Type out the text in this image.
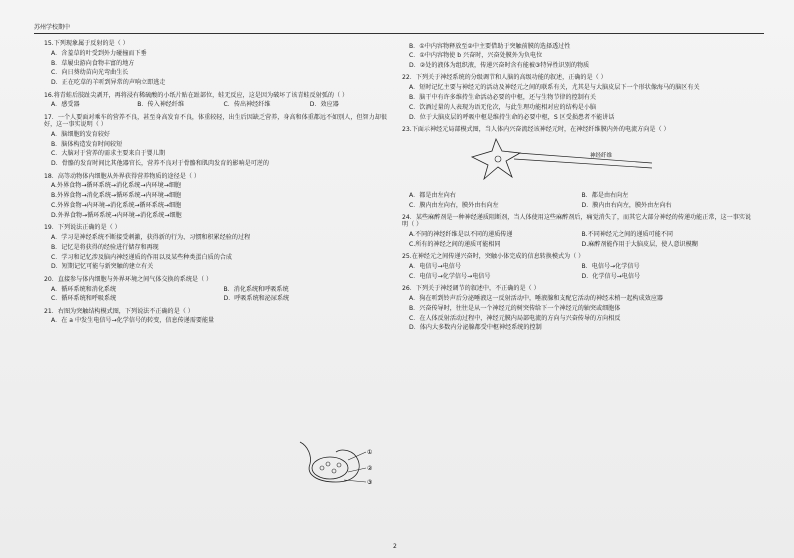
苏州学校期中
15.下列现象属于反射的是（ ）
A．含羞草的叶受到外力碰撞而下垂
B．草履虫游向食物丰富的地方
C．向日葵幼苗向光弯曲生长
D．正在吃草的羊听到异常的声响立即逃走
16.将青蛙后肢趾尖剥开，再将浸有稀硫酸的小纸片贴在趾部位，蛙无反应，这是因为破坏了该青蛙反射弧的（ ）
A．感受器	B．传入神经纤维	C．传出神经纤维	D．效应器
17．一个人要面对乘车的营养不良，甚至身高发育不良，体重较轻，出生后因缺乏营养，身高和体重都远不如别人，但智力却很好，这一事实说明（ ）
A．脑细胞的发育较好
B．脑体构造发育时间较短
C．大脑对于营养的需求主要来自于婴儿期
D．骨骼的发育时间比其他器官长，营养不良对于骨骼和肌肉发育的影响是可逆的
18．高等动物体内细胞从外界获得营养物质的途径是（ ）
A.外界食物→循环系统→消化系统→内环境→细胞
B.外界食物→消化系统→循环系统→内环境→细胞
C.外界食物→内环境→消化系统→循环系统→细胞
D.外界食物→循环系统→内环境→消化系统→细胞
19．下列说法正确的是（ ）
A．学习是神经系统不断接受刺激，获得新的行为、习惯和积累经验的过程
B．记忆是将获得的经验进行储存和再现
C．学习和记忆涉及脑内神经递质的作用以及某些种类蛋白质的合成
D．短期记忆可能与新突触的建立有关
20．直接参与体内细胞与外界环境之间气体交换的系统是（ ）
A．循环系统和消化系统	B．消化系统和呼吸系统
C．循环系统和呼吸系统	D．呼吸系统和泌尿系统
21．右图为突触结构模式图，下列说法不正确的是（ ）
A．在 a 中发生电信号→化学信号的转变，信息传递需要能量
B．①中内容物释放至②中主要借助于突触前膜的选择透过性
C．①中内容物使 b 兴奋时，兴奋处膜外为负电位
D．②处的液体为组织液，传递兴奋时含有能被③特异性识别的物质
22．下列关于神经系统的分级调节和人脑的高级功能的叙述，正确的是（ ）
A．短时记忆主要与神经元的活动及神经元之间的联系有关，尤其是与大脑皮层下一个形状像海马的脑区有关
B．脑干中有许多维持生命活动必要的中枢，还与生物节律的控制有关
C．饮酒过量的人表现为语无伦次，与此生理功能相对应的结构是小脑
D．位于大脑皮层的呼吸中枢是维持生命的必要中枢，S 区受损患者不能讲话
23.下面示神经元局部模式图，当人体内兴奋流经该神经元时，在神经纤维膜内外的电流方向是（ ）
神经纤维
A．都是由左向右	B．都是由右向左
C．膜内由左向右，膜外由右向左	D．膜内由右向左，膜外由左向右
24．某些麻醉剂是一种神经递质阻断剂，当人体使用这些麻醉剂后，痛觉消失了，而其它大部分神经的传递功能正常，这一事实说明（ ）
A.不同的神经纤维是以不同的递质传递	B.不同神经元之间的递质可能不同
C.所有的神经之间的递质可能相同	D.麻醉剂能作用于大脑皮层，使人意识模糊
25.在神经元之间传递兴奋时，突触小体完成的信息转换模式为（ ）
A．电信号→电信号	B．电信号→化学信号
C．电信号→化学信号→电信号	D．化学信号→电信号
26．下列关于神经调节的叙述中，不正确的是（ ）
A．狗在听到铃声后分泌唾液这一反射活动中，唾液腺和支配它活动的神经末梢一起构成效应器
B．兴奋传导时，往往是从一个神经元的树突传给下一个神经元的轴突或细胞体
C．在人体反射活动过程中，神经元膜内局部电流的方向与兴奋传导的方向相反
D．体内大多数内分泌腺都受中枢神经系统的控制
①
②
③
2
